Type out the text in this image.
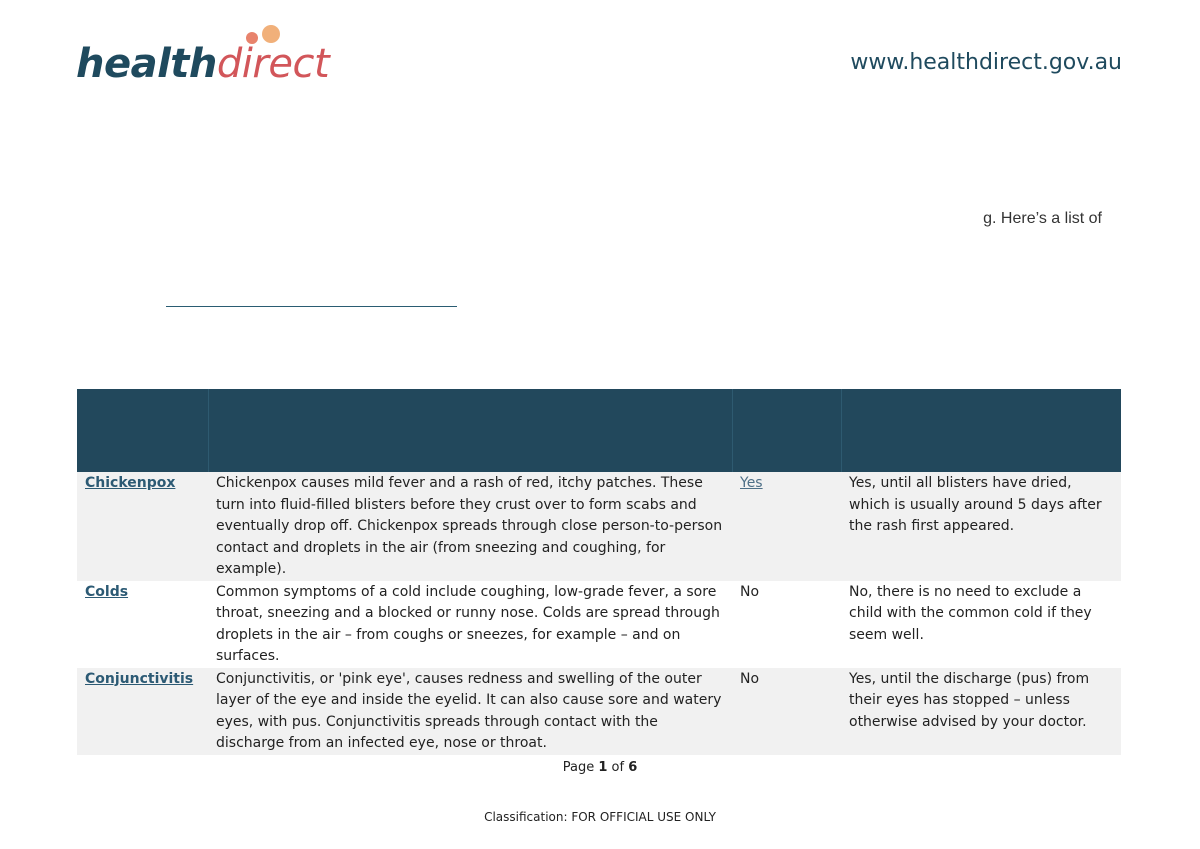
healthdirect	www.healthdirect.gov.au
g. Here’s a list of

Chickenpox	Chickenpox causes mild fever and a rash of red, itchy patches. These turn into fluid-filled blisters before they crust over to form scabs and eventually drop off. Chickenpox spreads through close person-to-person contact and droplets in the air (from sneezing and coughing, for example).	Yes	Yes, until all blisters have dried, which is usually around 5 days after the rash first appeared.
Colds	Common symptoms of a cold include coughing, low-grade fever, a sore throat, sneezing and a blocked or runny nose. Colds are spread through droplets in the air – from coughs or sneezes, for example – and on surfaces.	No	No, there is no need to exclude a child with the common cold if they seem well.
Conjunctivitis	Conjunctivitis, or 'pink eye', causes redness and swelling of the outer layer of the eye and inside the eyelid. It can also cause sore and watery eyes, with pus. Conjunctivitis spreads through contact with the discharge from an infected eye, nose or throat.	No	Yes, until the discharge (pus) from their eyes has stopped – unless otherwise advised by your doctor.
Page 1 of 6
Classification: FOR OFFICIAL USE ONLY
